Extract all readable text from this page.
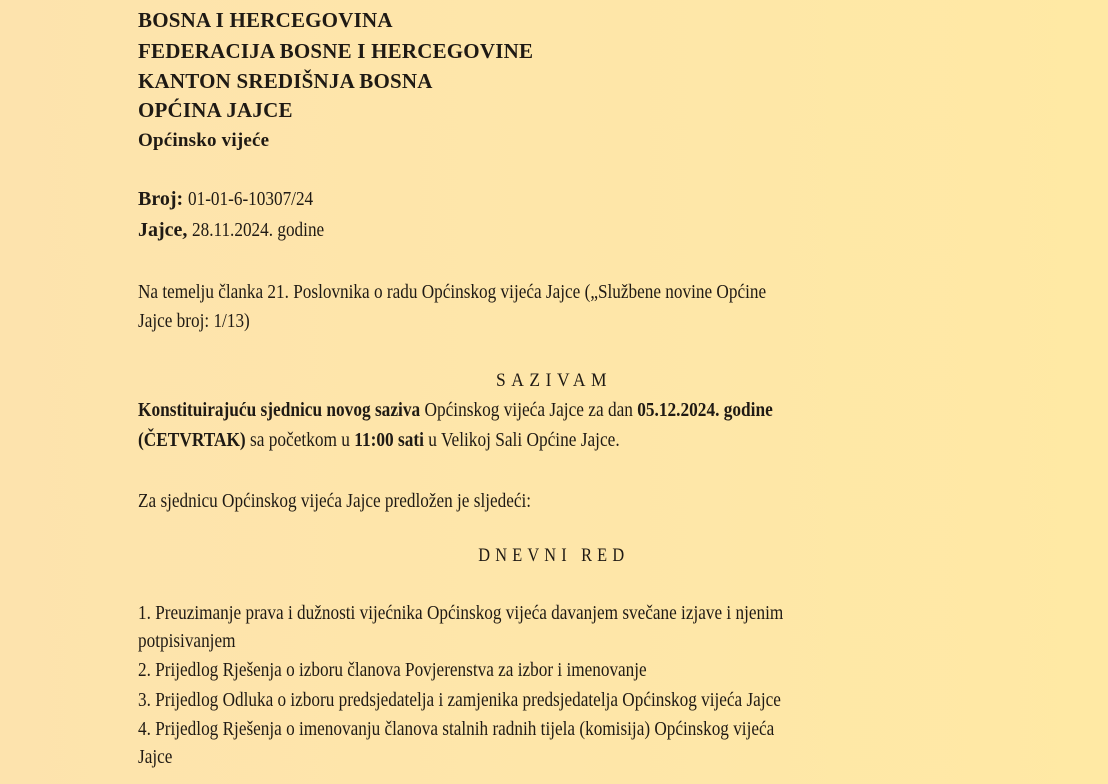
BOSNA I HERCEGOVINA
FEDERACIJA BOSNE I HERCEGOVINE
KANTON SREDIŠNJA BOSNA
OPĆINA JAJCE
Općinsko vijeće
Broj: 01-01-6-10307/24
Jajce, 28.11.2024. godine
Na temelju članka 21. Poslovnika o radu Općinskog vijeća Jajce („Službene novine Općine
Jajce broj: 1/13)
SAZIVAM
Konstituirajuću sjednicu novog saziva Općinskog vijeća Jajce za dan 05.12.2024. godine
(ČETVRTAK) sa početkom u 11:00 sati u Velikoj Sali Općine Jajce.
Za sjednicu Općinskog vijeća Jajce predložen je sljedeći:
DNEVNI RED
1. Preuzimanje prava i dužnosti vijećnika Općinskog vijeća davanjem svečane izjave i njenim
potpisivanjem
2. Prijedlog Rješenja o izboru članova Povjerenstva za izbor i imenovanje
3. Prijedlog Odluka o izboru predsjedatelja i zamjenika predsjedatelja Općinskog vijeća Jajce
4. Prijedlog Rješenja o imenovanju članova stalnih radnih tijela (komisija) Općinskog vijeća
Jajce
